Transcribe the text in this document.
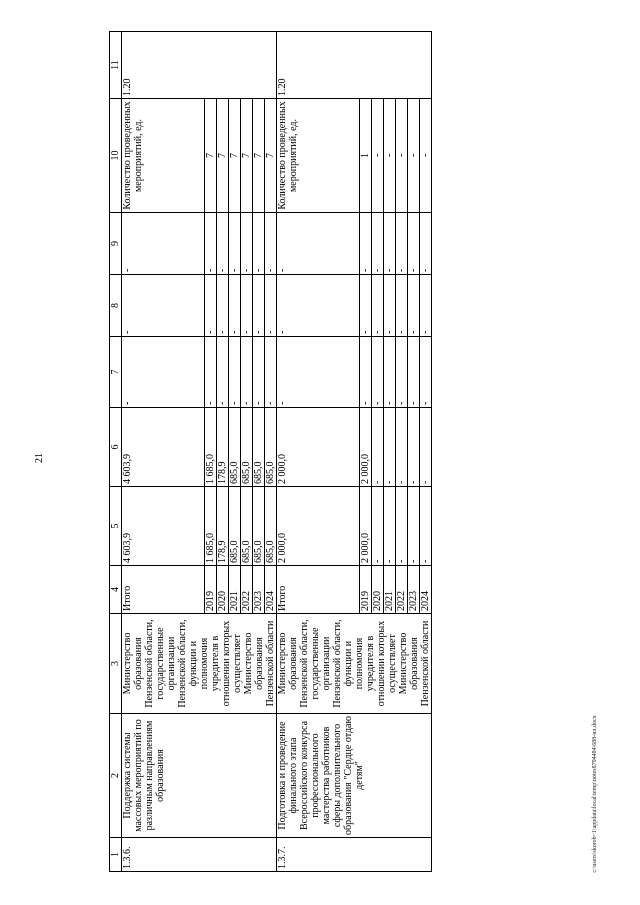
21
c:\users\skorob~1\appdata\local\temp\notes8794484\688-ил.docx
1	2	3	4	5	6	7	8	9	10	11
1.3.6.	Поддержка системы массовых мероприятий по различным направлениям образования	Министерство образования Пензенской области, государственные организации Пензенской области, функции и полномочия учредителя в отношении которых осуществляет Министерство образования Пензенской области	Итого	4 603,9	4 603,9	-	-	-	Количество проведенных мероприятий, ед.	1.20
			2019	1 685,0	1 685,0	-	-	-	7	
			2020	178,9	178,9	-	-	-	7	
			2021	685,0	685,0	-	-	-	7	
			2022	685,0	685,0	-	-	-	7	
			2023	685,0	685,0	-	-	-	7	
			2024	685,0	685,0	-	-	-	7	
1.3.7.	Подготовка и проведение финального этапа Всероссийского конкурса профессионального мастерства работников сферы дополнительного образования "Сердце отдаю детям"	Министерство образования Пензенской области, государственные организации Пензенской области, функции и полномочия учредителя в отношении которых осуществляет Министерство образования Пензенской области	Итого	2 000,0	2 000,0	-	-	-	Количество проведенных мероприятий, ед.	1.20
			2019	2 000,0	2 000,0	-	-	-	1	
			2020	-	-	-	-	-	-	
			2021	-	-	-	-	-	-	
			2022	-	-	-	-	-	-	
			2023	-	-	-	-	-	-	
			2024	-	-	-	-	-	-	
